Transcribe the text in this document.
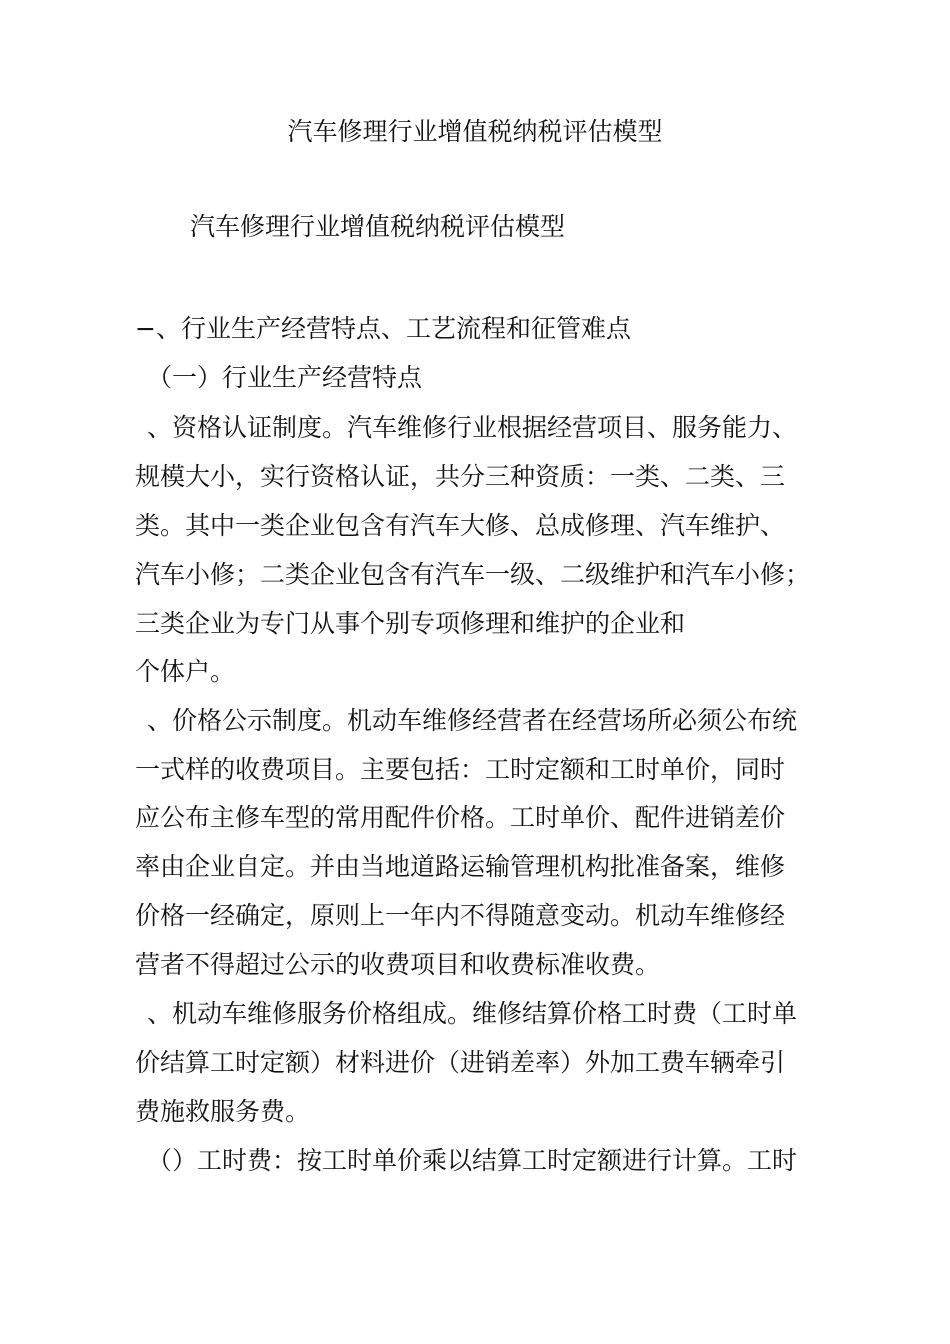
汽车修理行业增值税纳税评估模型
汽车修理行业增值税纳税评估模型
−、行业生产经营特点、工艺流程和征管难点
（一）行业生产经营特点
、资格认证制度。汽车维修行业根据经营项目、服务能力、
规模大小，实行资格认证，共分三种资质：一类、二类、三
类。其中一类企业包含有汽车大修、总成修理、汽车维护、
汽车小修；二类企业包含有汽车一级、二级维护和汽车小修；
三类企业为专门从事个别专项修理和维护的企业和
个体户。
、价格公示制度。机动车维修经营者在经营场所必须公布统
一式样的收费项目。主要包括：工时定额和工时单价，同时
应公布主修车型的常用配件价格。工时单价、配件进销差价
率由企业自定。并由当地道路运输管理机构批准备案，维修
价格一经确定，原则上一年内不得随意变动。机动车维修经
营者不得超过公示的收费项目和收费标准收费。
、机动车维修服务价格组成。维修结算价格工时费（工时单
价结算工时定额）材料进价（进销差率）外加工费车辆牵引
费施救服务费。
（）工时费：按工时单价乘以结算工时定额进行计算。工时
